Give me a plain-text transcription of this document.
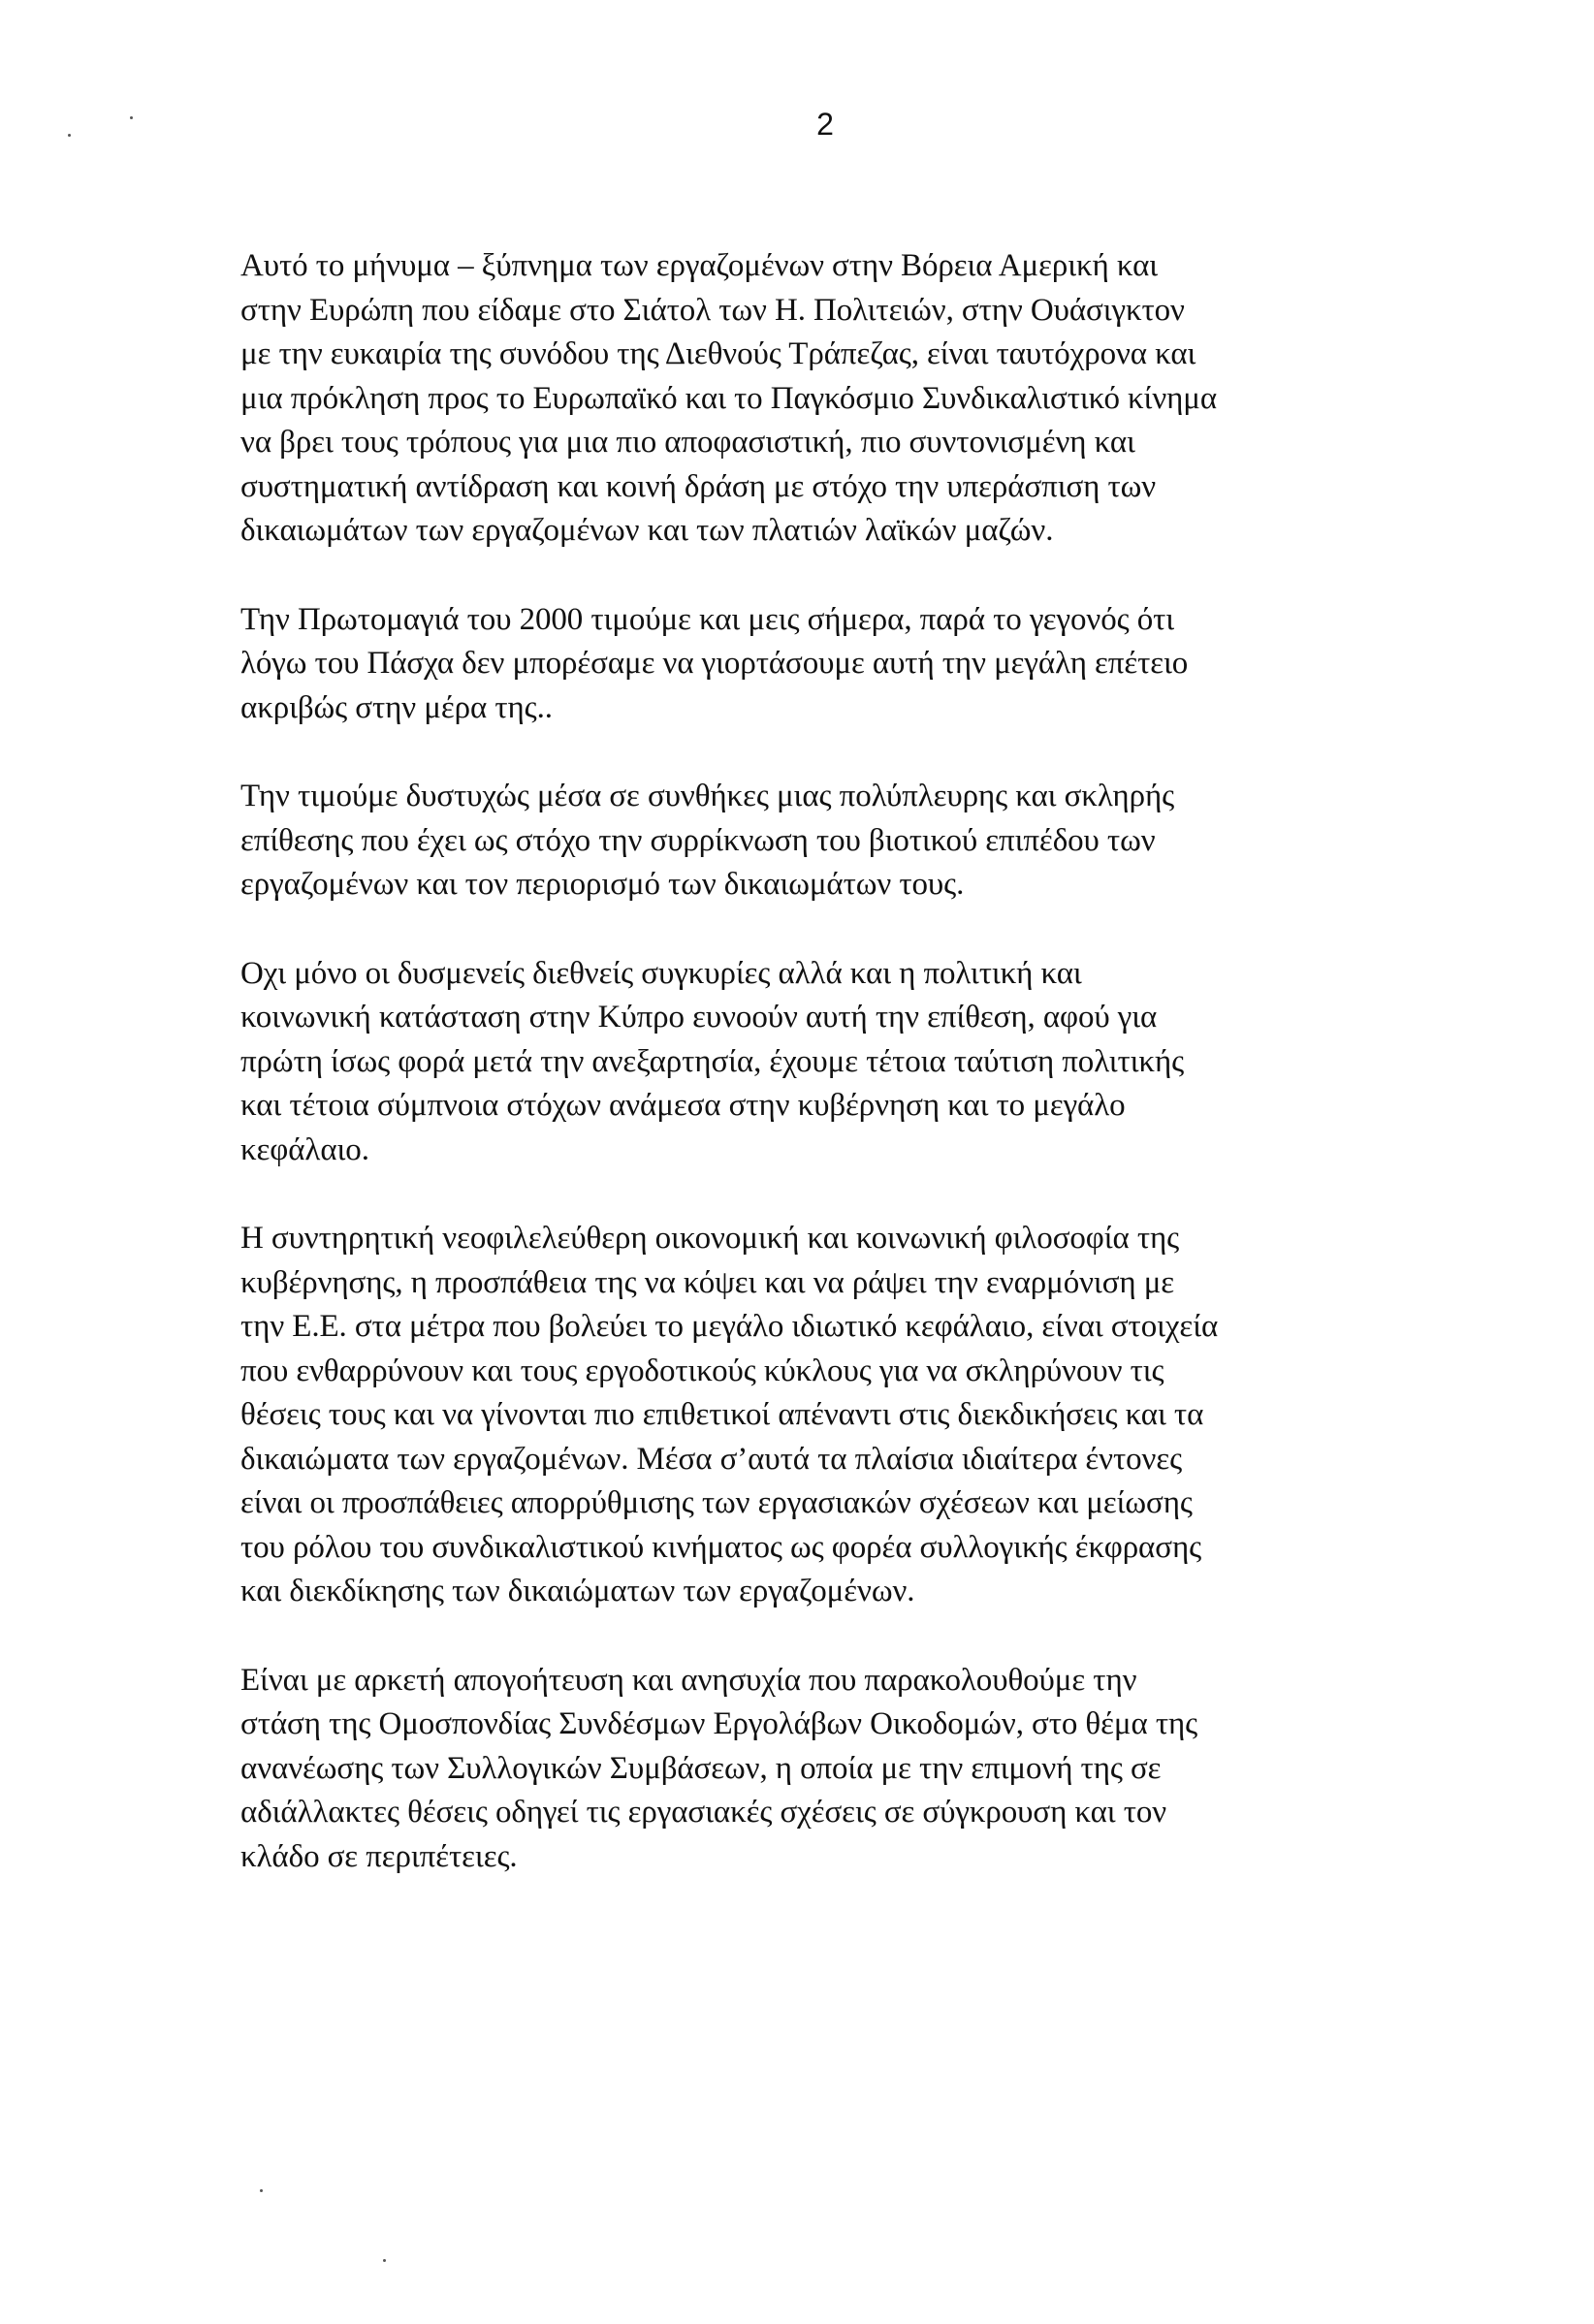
2

Αυτό το μήνυμα – ξύπνημα των εργαζομένων στην Βόρεια Αμερική και
στην Ευρώπη που είδαμε στο Σιάτολ των Η. Πολιτειών, στην Ουάσιγκτον
με την ευκαιρία της συνόδου της Διεθνούς Τράπεζας, είναι ταυτόχρονα και
μια πρόκληση προς το Ευρωπαϊκό και το Παγκόσμιο Συνδικαλιστικό κίνημα
να βρει τους τρόπους για μια πιο αποφασιστική, πιο συντονισμένη και
συστηματική αντίδραση και κοινή δράση με στόχο την υπεράσπιση των
δικαιωμάτων των εργαζομένων και των πλατιών λαϊκών μαζών.

Την Πρωτομαγιά του 2000 τιμούμε και μεις σήμερα, παρά το γεγονός ότι
λόγω του Πάσχα δεν μπορέσαμε να γιορτάσουμε αυτή την μεγάλη επέτειο
ακριβώς στην μέρα της..

Την τιμούμε δυστυχώς μέσα σε συνθήκες μιας πολύπλευρης και σκληρής
επίθεσης που έχει ως στόχο την συρρίκνωση του βιοτικού επιπέδου των
εργαζομένων και τον περιορισμό των δικαιωμάτων τους.

Οχι μόνο οι δυσμενείς διεθνείς συγκυρίες αλλά και η πολιτική και
κοινωνική κατάσταση στην Κύπρο ευνοούν αυτή την επίθεση, αφού για
πρώτη ίσως φορά μετά την ανεξαρτησία, έχουμε τέτοια ταύτιση πολιτικής
και τέτοια σύμπνοια στόχων ανάμεσα στην κυβέρνηση και το μεγάλο
κεφάλαιο.

Η συντηρητική νεοφιλελεύθερη οικονομική και κοινωνική φιλοσοφία της
κυβέρνησης, η προσπάθεια της να κόψει και να ράψει την εναρμόνιση με
την Ε.Ε. στα μέτρα που βολεύει το μεγάλο ιδιωτικό κεφάλαιο, είναι στοιχεία
που ενθαρρύνουν και τους εργοδοτικούς κύκλους για να σκληρύνουν τις
θέσεις τους και να γίνονται πιο επιθετικοί απέναντι στις διεκδικήσεις και τα
δικαιώματα των εργαζομένων. Μέσα σ’αυτά τα πλαίσια ιδιαίτερα έντονες
είναι οι προσπάθειες απορρύθμισης των εργασιακών σχέσεων και μείωσης
του ρόλου του συνδικαλιστικού κινήματος ως φορέα συλλογικής έκφρασης
και διεκδίκησης των δικαιώματων των εργαζομένων.

Είναι με αρκετή απογοήτευση και ανησυχία που παρακολουθούμε την
στάση της Ομοσπονδίας Συνδέσμων Εργολάβων Οικοδομών, στο θέμα της
ανανέωσης των Συλλογικών Συμβάσεων, η οποία με την επιμονή της σε
αδιάλλακτες θέσεις οδηγεί τις εργασιακές σχέσεις σε σύγκρουση και τον
κλάδο σε περιπέτειες.
